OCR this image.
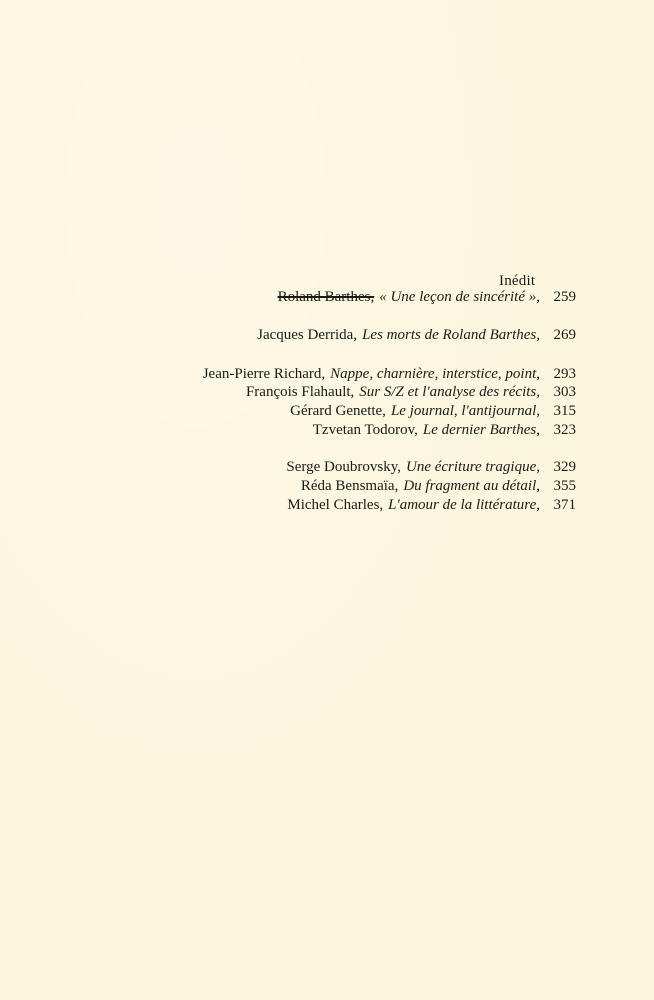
Inédit
Roland Barthes, « Une leçon de sincérité », 259
Jacques Derrida, Les morts de Roland Barthes, 269
Jean-Pierre Richard, Nappe, charnière, interstice, point, 293
François Flahault, Sur S/Z et l'analyse des récits, 303
Gérard Genette, Le journal, l'antijournal, 315
Tzvetan Todorov, Le dernier Barthes, 323
Serge Doubrovsky, Une écriture tragique, 329
Réda Bensmaïa, Du fragment au détail, 355
Michel Charles, L'amour de la littérature, 371
